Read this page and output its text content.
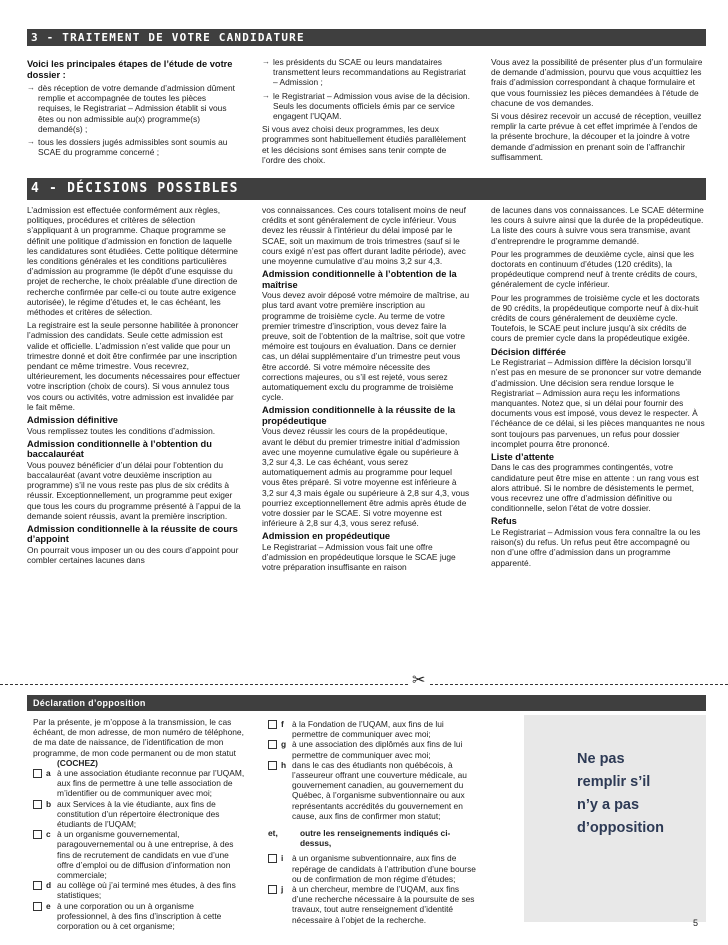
3 - TRAITEMENT DE VOTRE CANDIDATURE

Voici les principales étapes de l’étude de votre dossier :

→ dès réception de votre demande d’admission dûment remplie et accompagnée de toutes les pièces requises, le Registrariat – Admission établit si vous êtes ou non admissible au(x) programme(s) demandé(s) ;

→ tous les dossiers jugés admissibles sont soumis au SCAE du programme concerné ;

→ les présidents du SCAE ou leurs mandataires transmettent leurs recommandations au Registrariat – Admission ;

→ le Registrariat – Admission vous avise de la décision. Seuls les documents officiels émis par ce service engagent l’UQAM.

Si vous avez choisi deux programmes, les deux programmes sont habituellement étudiés parallèlement et les décisions sont émises sans tenir compte de l’ordre des choix.

Vous avez la possibilité de présenter plus d’un formulaire de demande d’admission, pourvu que vous acquittiez les frais d’admission correspondant à chaque formulaire et que vous fournissiez les pièces demandées à l’étude de chacune de vos demandes.

Si vous désirez recevoir un accusé de réception, veuillez remplir la carte prévue à cet effet imprimée à l’endos de la présente brochure, la découper et la joindre à votre demande d’admission en prenant soin de l’affranchir suffisamment.

4 - DÉCISIONS POSSIBLES

L’admission est effectuée conformément aux règles, politiques, procédures et critères de sélection s’appliquant à un programme. Chaque programme se définit une politique d’admission en fonction de laquelle les candidatures sont étudiées. Cette politique détermine les conditions générales et les conditions particulières d’admission au programme (le dépôt d’une esquisse du projet de recherche, le choix préalable d’une direction de recherche confirmée par celle-ci ou toute autre exigence autorisée), le régime d’études et, le cas échéant, les méthodes et critères de sélection.

La registraire est la seule personne habilitée à prononcer l’admission des candidats. Seule cette admission est valide et officielle. L’admission n’est valide que pour un trimestre donné et doit être confirmée par une inscription pendant ce même trimestre. Vous recevrez, ultérieurement, les documents nécessaires pour effectuer votre inscription (choix de cours). Si vous annulez tous vos cours ou activités, votre admission est invalidée par le fait même.

Admission définitive

Vous remplissez toutes les conditions d’admission.

Admission conditionnelle à l’obtention du baccalauréat

Vous pouvez bénéficier d’un délai pour l’obtention du baccalauréat (avant votre deuxième inscription au programme) s’il ne vous reste pas plus de six crédits à réussir. Exceptionnellement, un programme peut exiger que tous les cours du programme présenté à l’appui de la demande soient réussis, avant la première inscription.

Admission conditionnelle à la réussite de cours d’appoint

On pourrait vous imposer un ou des cours d’appoint pour combler certaines lacunes dans

vos connaissances. Ces cours totalisent moins de neuf crédits et sont généralement de cycle inférieur. Vous devez les réussir à l’intérieur du délai imposé par le SCAE, soit un maximum de trois trimestres (sauf si le cours exigé n’est pas offert durant ladite période), avec une moyenne cumulative d’au moins 3,2 sur 4,3.

Admission conditionnelle à l’obtention de la maîtrise

Vous devez avoir déposé votre mémoire de maîtrise, au plus tard avant votre première inscription au programme de troisième cycle. Au terme de votre premier trimestre d’inscription, vous devez faire la preuve, soit de l’obtention de la maîtrise, soit que votre mémoire est toujours en évaluation. Dans ce dernier cas, un délai supplémentaire d’un trimestre peut vous être accordé. Si votre mémoire nécessite des corrections majeures, ou s’il est rejeté, vous serez automatiquement exclu du programme de troisième cycle.

Admission conditionnelle à la réussite de la propédeutique

Vous devez réussir les cours de la propédeutique, avant le début du premier trimestre initial d’admission avec une moyenne cumulative égale ou supérieure à 3,2 sur 4,3. Le cas échéant, vous serez automatiquement admis au programme pour lequel vous êtes préparé. Si votre moyenne est inférieure à 3,2 sur 4,3 mais égale ou supérieure à 2,8 sur 4,3, vous pourriez exceptionnellement être admis après étude de votre dossier par le SCAE. Si votre moyenne est inférieure à 2,8 sur 4,3, vous serez refusé.

Admission en propédeutique

Le Registrariat – Admission vous fait une offre d’admission en propédeutique lorsque le SCAE juge votre préparation insuffisante en raison

de lacunes dans vos connaissances. Le SCAE détermine les cours à suivre ainsi que la durée de la propédeutique. La liste des cours à suivre vous sera transmise, avant d’entreprendre le programme demandé.

Pour les programmes de deuxième cycle, ainsi que les doctorats en continuum d’études (120 crédits), la propédeutique comprend neuf à trente crédits de cours, généralement de cycle inférieur.

Pour les programmes de troisième cycle et les doctorats de 90 crédits, la propédeutique comporte neuf à dix-huit crédits de cours généralement de deuxième cycle. Toutefois, le SCAE peut inclure jusqu’à six crédits de cours de premier cycle dans la propédeutique exigée.

Décision différée

Le Registrariat – Admission diffère la décision lorsqu’il n’est pas en mesure de se prononcer sur votre demande d’admission. Une décision sera rendue lorsque le Registrariat – Admission aura reçu les informations manquantes. Notez que, si un délai pour fournir des documents vous est imposé, vous devez le respecter. À l’échéance de ce délai, si les pièces manquantes ne nous sont toujours pas parvenues, un refus pour dossier incomplet pourra être prononcé.

Liste d’attente

Dans le cas des programmes contingentés, votre candidature peut être mise en attente : un rang vous est alors attribué. Si le nombre de désistements le permet, vous recevrez une offre d’admission définitive ou conditionnelle, selon l’état de votre dossier.

Refus

Le Registrariat – Admission vous fera connaître la ou les raison(s) du refus. Un refus peut être accompagné ou non d’une offre d’admission dans un programme apparenté.

✂
Déclaration d’opposition

Par la présente, je m’oppose à la transmission, le cas échéant, de mon adresse, de mon numéro de téléphone, de ma date de naissance, de l’identification de mon programme, de mon code permanent ou de mon statut

(COCHEZ)
a à une association étudiante reconnue par l’UQAM, aux fins de permettre à une telle association de m’identifier ou de communiquer avec moi;
b aux Services à la vie étudiante, aux fins de constitution d’un répertoire électronique des étudiants de l’UQAM;
c à un organisme gouvernemental, paragouvernemental ou à une entreprise, à des fins de recrutement de candidats en vue d’une offre d’emploi ou de diffusion d’information non commerciale;
d au collège où j’ai terminé mes études, à des fins statistiques;
e à une corporation ou un à organisme professionnel, à des fins d’inscription à cette corporation ou à cet organisme;
f à la Fondation de l’UQAM, aux fins de lui permettre de communiquer avec moi;
g à une association des diplômés aux fins de lui permettre de communiquer avec moi;
h dans le cas des étudiants non québécois, à l’asseureur offrant une couverture médicale, au gouvernement canadien, au gouvernement du Québec, à l’organisme subventionnaire ou aux représentants accrédités du gouvernement en cause, aux fins de confirmer mon statut;
et,	outre les renseignements indiqués ci-dessus,
i à un organisme subventionnaire, aux fins de repérage de candidats à l’attribution d’une bourse ou de confirmation de mon régime d’études;
j à un chercheur, membre de l’UQAM, aux fins d’une recherche nécessaire à la poursuite de ses travaux, tout autre renseignement d’identité nécessaire à l’objet de la recherche.
Ne pas
remplir s’il
n’y a pas
d’opposition
5
